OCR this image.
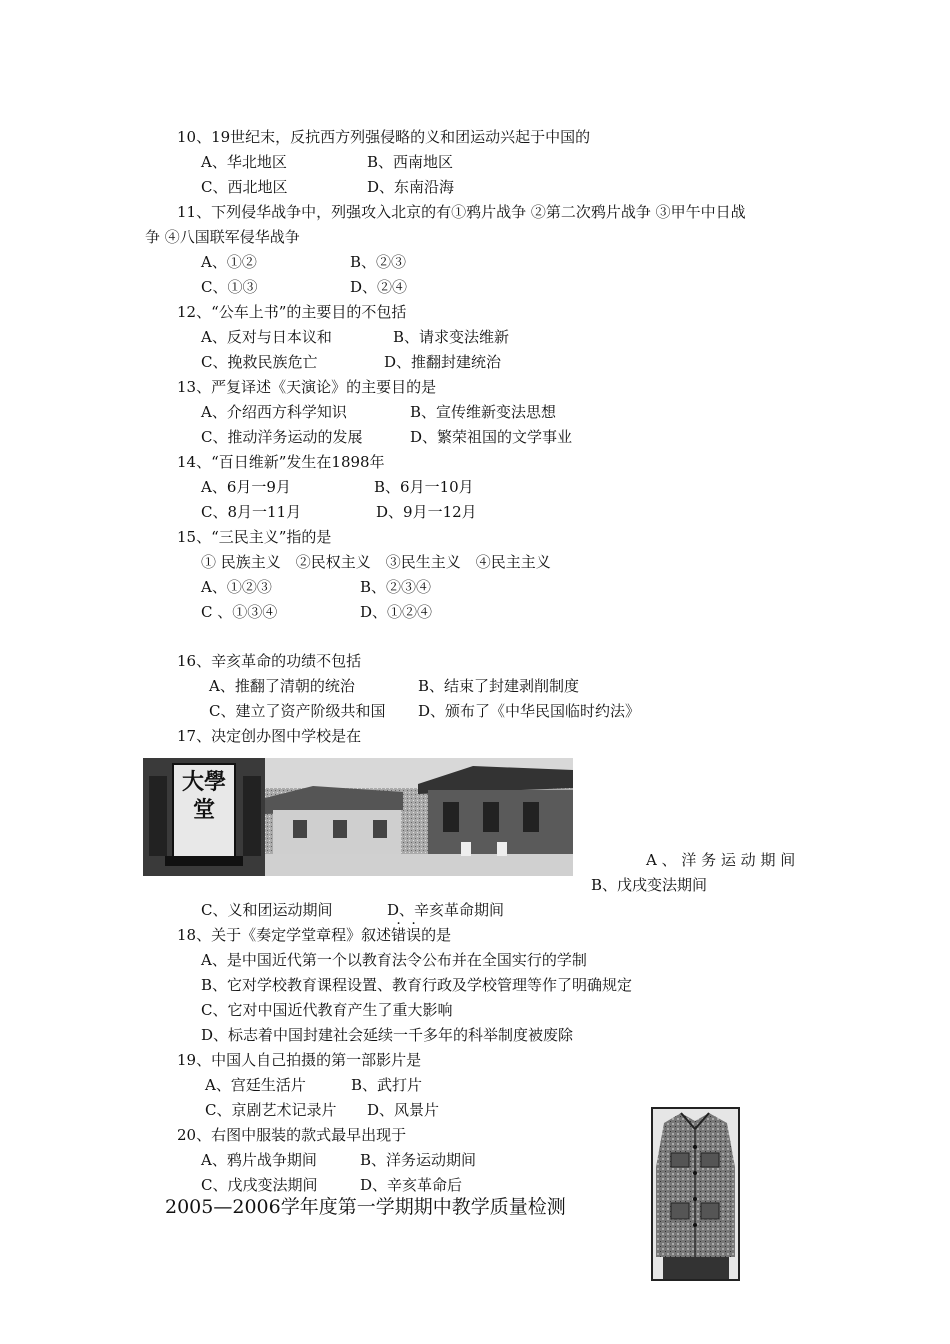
10、19世纪末，反抗西方列强侵略的义和团运动兴起于中国的
A、华北地区	B、西南地区
C、西北地区	D、东南沿海
11、下列侵华战争中，列强攻入北京的有①鸦片战争 ②第二次鸦片战争 ③甲午中日战
争 ④八国联军侵华战争
A、①②	B、②③
C、①③	D、②④
12、“公车上书”的主要目的不包括
A、反对与日本议和	B、请求变法维新
C、挽救民族危亡	D、推翻封建统治
13、严复译述《天演论》的主要目的是
A、介绍西方科学知识	B、宣传维新变法思想
C、推动洋务运动的发展	D、繁荣祖国的文学事业
14、“百日维新”发生在1898年
A、6月一9月	B、6月一10月
C、8月一11月	D、9月一12月
15、“三民主义”指的是
① 民族主义　②民权主义　③民生主义　④民主主义
A、①②③	B、②③④
C 、①③④	D、①②④
16、辛亥革命的功绩不包括
A、推翻了清朝的统治	B、结束了封建剥削制度
C、建立了资产阶级共和国 D、颁布了《中华民国临时约法》
17、决定创办图中学校是在
大學堂
A 、 洋 务 运 动 期 间
B、戊戌变法期间
C、义和团运动期间	D、辛亥革命期间
18、关于《奏定学堂章程》叙述错误的是
A、是中国近代第一个以教育法令公布并在全国实行的学制
B、它对学校教育课程设置、教育行政及学校管理等作了明确规定
C、它对中国近代教育产生了重大影响
D、标志着中国封建社会延续一千多年的科举制度被废除
19、中国人自己拍摄的第一部影片是
A、宫廷生活片	B、武打片
C、京剧艺术记录片 D、风景片
20、右图中服装的款式最早出现于
A、鸦片战争期间	B、洋务运动期间
C、戊戌变法期间	D、辛亥革命后
2005—2006学年度第一学期期中教学质量检测
